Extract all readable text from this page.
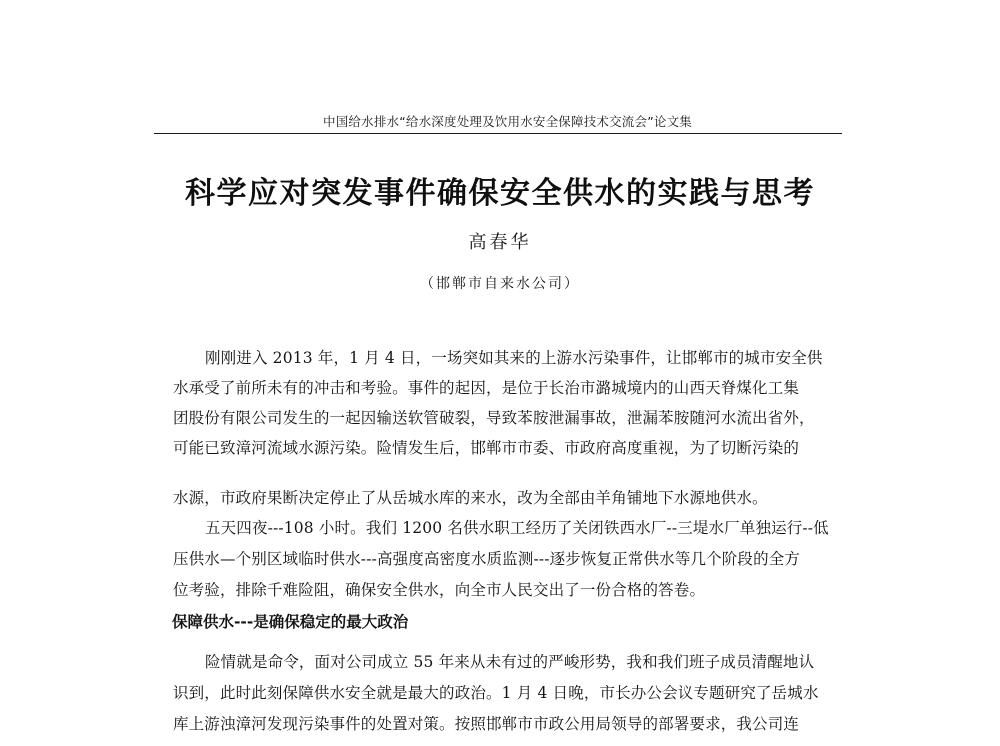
中国给水排水“给水深度处理及饮用水安全保障技术交流会”论文集
科学应对突发事件确保安全供水的实践与思考
高春华
（邯郸市自来水公司）
刚刚进入 2013 年，1 月 4 日，一场突如其来的上游水污染事件，让邯郸市的城市安全供
水承受了前所未有的冲击和考验。事件的起因，是位于长治市潞城境内的山西天脊煤化工集
团股份有限公司发生的一起因输送软管破裂，导致苯胺泄漏事故，泄漏苯胺随河水流出省外，
可能已致漳河流域水源污染。险情发生后，邯郸市市委、市政府高度重视，为了切断污染的
水源，市政府果断决定停止了从岳城水库的来水，改为全部由羊角铺地下水源地供水。
五天四夜---108 小时。我们 1200 名供水职工经历了关闭铁西水厂--三堤水厂单独运行--低
压供水—个别区域临时供水---高强度高密度水质监测---逐步恢复正常供水等几个阶段的全方
位考验，排除千难险阻，确保安全供水，向全市人民交出了一份合格的答卷。
保障供水---是确保稳定的最大政治
险情就是命令，面对公司成立 55 年来从未有过的严峻形势，我和我们班子成员清醒地认
识到，此时此刻保障供水安全就是最大的政治。1 月 4 日晚，市长办公会议专题研究了岳城水
库上游浊漳河发现污染事件的处置对策。按照邯郸市市政公用局领导的部署要求，我公司连
